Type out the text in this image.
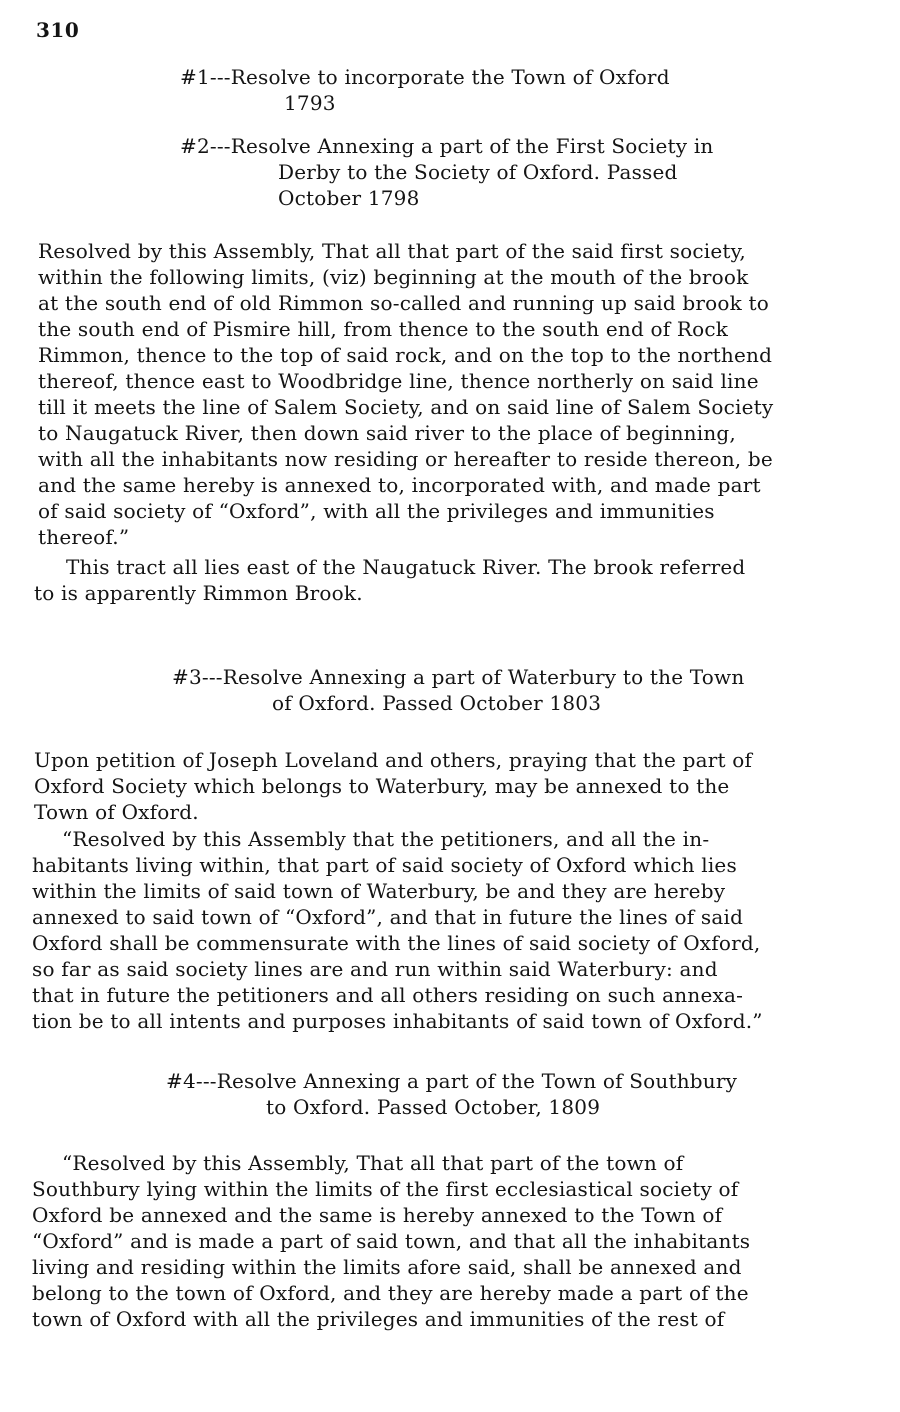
310
#1---Resolve to incorporate the Town of Oxford
1793
#2---Resolve Annexing a part of the First Society in
Derby to the Society of Oxford. Passed
October 1798
Resolved by this Assembly, That all that part of the said first society,
within the following limits, (viz) beginning at the mouth of the brook
at the south end of old Rimmon so-called and running up said brook to
the south end of Pismire hill, from thence to the south end of Rock
Rimmon, thence to the top of said rock, and on the top to the northend
thereof, thence east to Woodbridge line, thence northerly on said line
till it meets the line of Salem Society, and on said line of Salem Society
to Naugatuck River, then down said river to the place of beginning,
with all the inhabitants now residing or hereafter to reside thereon, be
and the same hereby is annexed to, incorporated with, and made part
of said society of “Oxford”, with all the privileges and immunities
thereof.”
This tract all lies east of the Naugatuck River. The brook referred
to is apparently Rimmon Brook.
#3---Resolve Annexing a part of Waterbury to the Town
of Oxford. Passed October 1803
Upon petition of Joseph Loveland and others, praying that the part of
Oxford Society which belongs to Waterbury, may be annexed to the
Town of Oxford.
“Resolved by this Assembly that the petitioners, and all the in-
habitants living within, that part of said society of Oxford which lies
within the limits of said town of Waterbury, be and they are hereby
annexed to said town of “Oxford”, and that in future the lines of said
Oxford shall be commensurate with the lines of said society of Oxford,
so far as said society lines are and run within said Waterbury: and
that in future the petitioners and all others residing on such annexa-
tion be to all intents and purposes inhabitants of said town of Oxford.”
#4---Resolve Annexing a part of the Town of Southbury
to Oxford. Passed October, 1809
“Resolved by this Assembly, That all that part of the town of
Southbury lying within the limits of the first ecclesiastical society of
Oxford be annexed and the same is hereby annexed to the Town of
“Oxford” and is made a part of said town, and that all the inhabitants
living and residing within the limits afore said, shall be annexed and
belong to the town of Oxford, and they are hereby made a part of the
town of Oxford with all the privileges and immunities of the rest of
